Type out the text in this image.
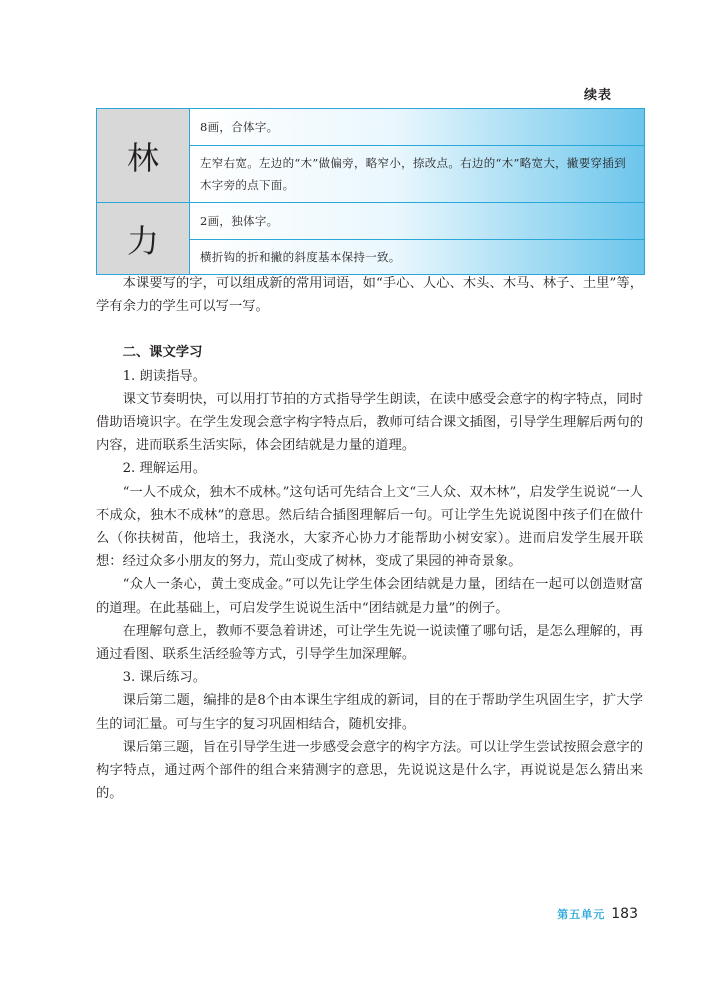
续表
林
8画，合体字。
左窄右宽。左边的“木”做偏旁，略窄小，捺改点。右边的“木”略宽大，撇要穿插到木字旁的点下面。
力
2画，独体字。
横折钩的折和撇的斜度基本保持一致。

本课要写的字，可以组成新的常用词语，如“手心、人心、木头、木马、林子、土里”等，学有余力的学生可以写一写。

二、课文学习

1. 朗读指导。

课文节奏明快，可以用打节拍的方式指导学生朗读，在读中感受会意字的构字特点，同时借助语境识字。在学生发现会意字构字特点后，教师可结合课文插图，引导学生理解后两句的内容，进而联系生活实际，体会团结就是力量的道理。

2. 理解运用。

“一人不成众，独木不成林。”这句话可先结合上文“三人众、双木林”，启发学生说说“一人不成众，独木不成林”的意思。然后结合插图理解后一句。可让学生先说说图中孩子们在做什么（你扶树苗，他培土，我浇水，大家齐心协力才能帮助小树安家）。进而启发学生展开联想：经过众多小朋友的努力，荒山变成了树林，变成了果园的神奇景象。

“众人一条心，黄土变成金。”可以先让学生体会团结就是力量，团结在一起可以创造财富的道理。在此基础上，可启发学生说说生活中“团结就是力量”的例子。

在理解句意上，教师不要急着讲述，可让学生先说一说读懂了哪句话，是怎么理解的，再通过看图、联系生活经验等方式，引导学生加深理解。

3. 课后练习。

课后第二题，编排的是8个由本课生字组成的新词，目的在于帮助学生巩固生字，扩大学生的词汇量。可与生字的复习巩固相结合，随机安排。

课后第三题，旨在引导学生进一步感受会意字的构字方法。可以让学生尝试按照会意字的构字特点，通过两个部件的组合来猜测字的意思，先说说这是什么字，再说说是怎么猜出来的。

第五单元 183
